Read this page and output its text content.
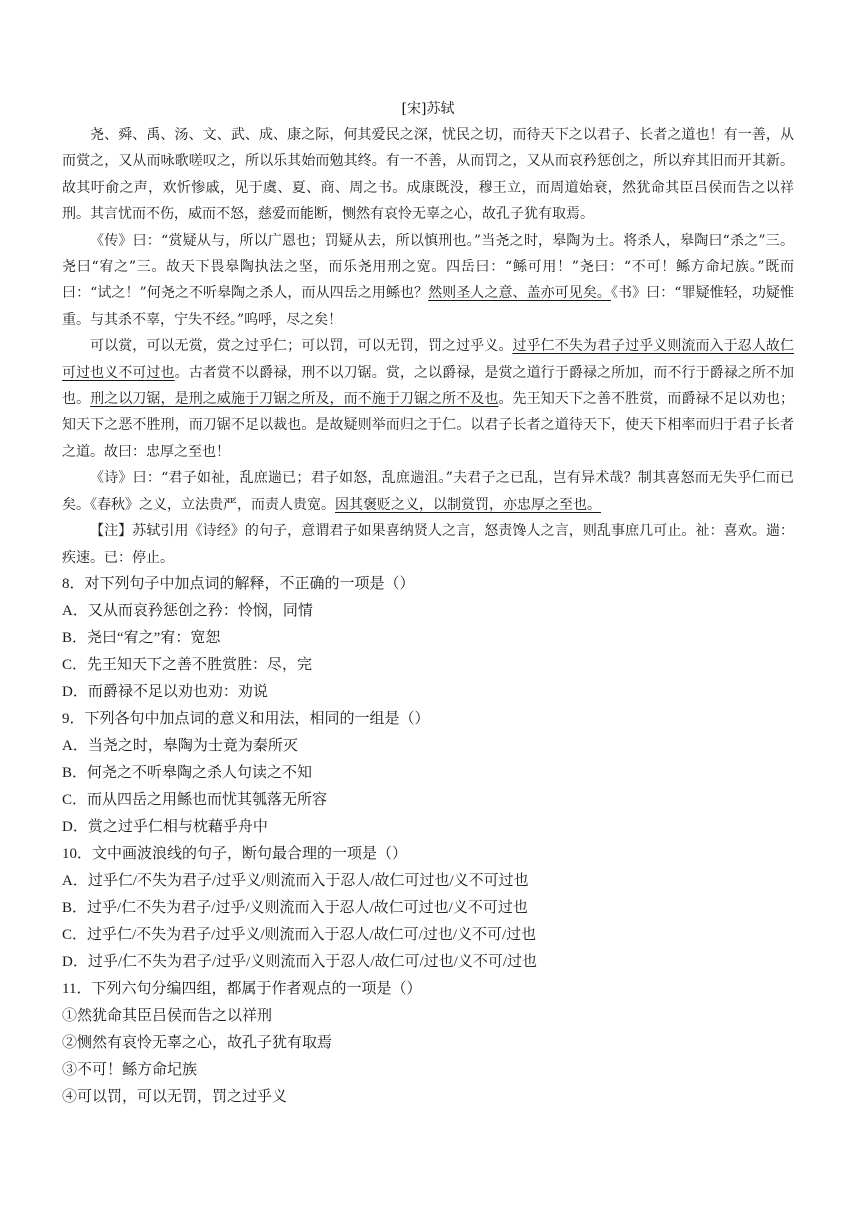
[宋]苏轼

尧、舜、禹、汤、文、武、成、康之际，何其爱民之深，忧民之切，而待天下之以君子、长者之道也！有一善，从而赏之，又从而咏歌嗟叹之，所以乐其始而勉其终。有一不善，从而罚之，又从而哀矜惩创之，所以弃其旧而开其新。故其吁俞之声，欢忻惨戚，见于虞、夏、商、周之书。成康既没，穆王立，而周道始衰，然犹命其臣吕侯而告之以祥刑。其言忧而不伤，威而不怒，慈爱而能断，恻然有哀怜无辜之心，故孔子犹有取焉。

《传》曰：“赏疑从与，所以广恩也；罚疑从去，所以慎刑也。”当尧之时，皋陶为士。将杀人，皋陶曰“杀之”三。尧曰“宥之”三。故天下畏皋陶执法之坚，而乐尧用刑之宽。四岳曰：“鲧可用！”尧曰：“不可！鲧方命圮族。”既而曰：“试之！”何尧之不听皋陶之杀人，而从四岳之用鲧也？然则圣人之意、盖亦可见矣。《书》曰：“罪疑惟轻，功疑惟重。与其杀不辜，宁失不经。”呜呼，尽之矣！

可以赏，可以无赏，赏之过乎仁；可以罚，可以无罚，罚之过乎义。过乎仁不失为君子过乎义则流而入于忍人故仁可过也义不可过也。古者赏不以爵禄，刑不以刀锯。赏，之以爵禄，是赏之道行于爵禄之所加，而不行于爵禄之所不加也。刑之以刀锯，是刑之威施于刀锯之所及，而不施于刀锯之所不及也。先王知天下之善不胜赏，而爵禄不足以劝也；知天下之恶不胜刑，而刀锯不足以裁也。是故疑则举而归之于仁。以君子长者之道待天下，使天下相率而归于君子长者之道。故曰：忠厚之至也！

《诗》曰：“君子如祉，乱庶遄已；君子如怒，乱庶遄沮。”夫君子之已乱，岂有异术哉？制其喜怒而无失乎仁而已矣。《春秋》之义，立法贵严，而责人贵宽。因其褒贬之义，以制赏罚，亦忠厚之至也。

【注】苏轼引用《诗经》的句子，意谓君子如果喜纳贤人之言，怒责馋人之言，则乱事庶几可止。祉：喜欢。遄：疾速。已：停止。

8．对下列句子中加点词的解释，不正确的一项是（）

A．又从而哀矜惩创之矜：怜悯，同情

B．尧曰“宥之”宥：宽恕

C．先王知天下之善不胜赏胜：尽，完

D．而爵禄不足以劝也劝：劝说

9．下列各句中加点词的意义和用法，相同的一组是（）

A．当尧之时，皋陶为士竟为秦所灭

B．何尧之不听皋陶之杀人句读之不知

C．而从四岳之用鲧也而忧其瓠落无所容

D．赏之过乎仁相与枕藉乎舟中

10．文中画波浪线的句子，断句最合理的一项是（）

A．过乎仁/不失为君子/过乎义/则流而入于忍人/故仁可过也/义不可过也

B．过乎/仁不失为君子/过乎/义则流而入于忍人/故仁可过也/义不可过也

C．过乎仁/不失为君子/过乎义/则流而入于忍人/故仁可/过也/义不可/过也

D．过乎/仁不失为君子/过乎/义则流而入于忍人/故仁可/过也/义不可/过也

11．下列六句分编四组，都属于作者观点的一项是（）

①然犹命其臣吕侯而告之以祥刑

②恻然有哀怜无辜之心，故孔子犹有取焉

③不可！鲧方命圮族

④可以罚，可以无罚，罚之过乎义
